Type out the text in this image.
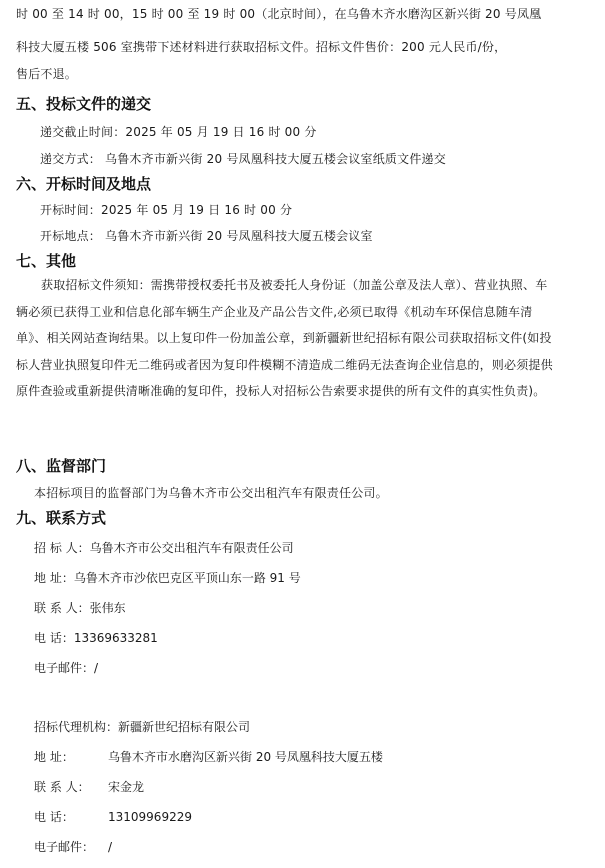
时 00 至 14 时 00，15 时 00 至 19 时 00（北京时间），在乌鲁木齐水磨沟区新兴街 20 号凤凰
科技大厦五楼 506 室携带下述材料进行获取招标文件。招标文件售价：200 元人民币/份，
售后不退。
五、投标文件的递交
递交截止时间：2025 年 05 月 19 日 16 时 00 分
递交方式： 乌鲁木齐市新兴街 20 号凤凰科技大厦五楼会议室纸质文件递交
六、开标时间及地点
开标时间：2025 年 05 月 19 日 16 时 00 分
开标地点： 乌鲁木齐市新兴街 20 号凤凰科技大厦五楼会议室
七、其他
获取招标文件须知：需携带授权委托书及被委托人身份证（加盖公章及法人章）、营业执照、车辆必须已获得工业和信息化部车辆生产企业及产品公告文件,必须已取得《机动车环保信息随车清单》、相关网站查询结果。以上复印件一份加盖公章，到新疆新世纪招标有限公司获取招标文件(如投标人营业执照复印件无二维码或者因为复印件模糊不清造成二维码无法查询企业信息的，则必须提供原件查验或重新提供清晰准确的复印件，投标人对招标公告索要求提供的所有文件的真实性负责)。
八、监督部门
本招标项目的监督部门为乌鲁木齐市公交出租汽车有限责任公司。
九、联系方式
招 标 人：乌鲁木齐市公交出租汽车有限责任公司
地 址：乌鲁木齐市沙依巴克区平顶山东一路 91 号
联 系 人：张伟东
电 话：13369633281
电子邮件：/
招标代理机构：新疆新世纪招标有限公司
地 址：	乌鲁木齐市水磨沟区新兴街 20 号凤凰科技大厦五楼
联 系 人： 宋金龙
电 话：	13109969229
电子邮件： /
